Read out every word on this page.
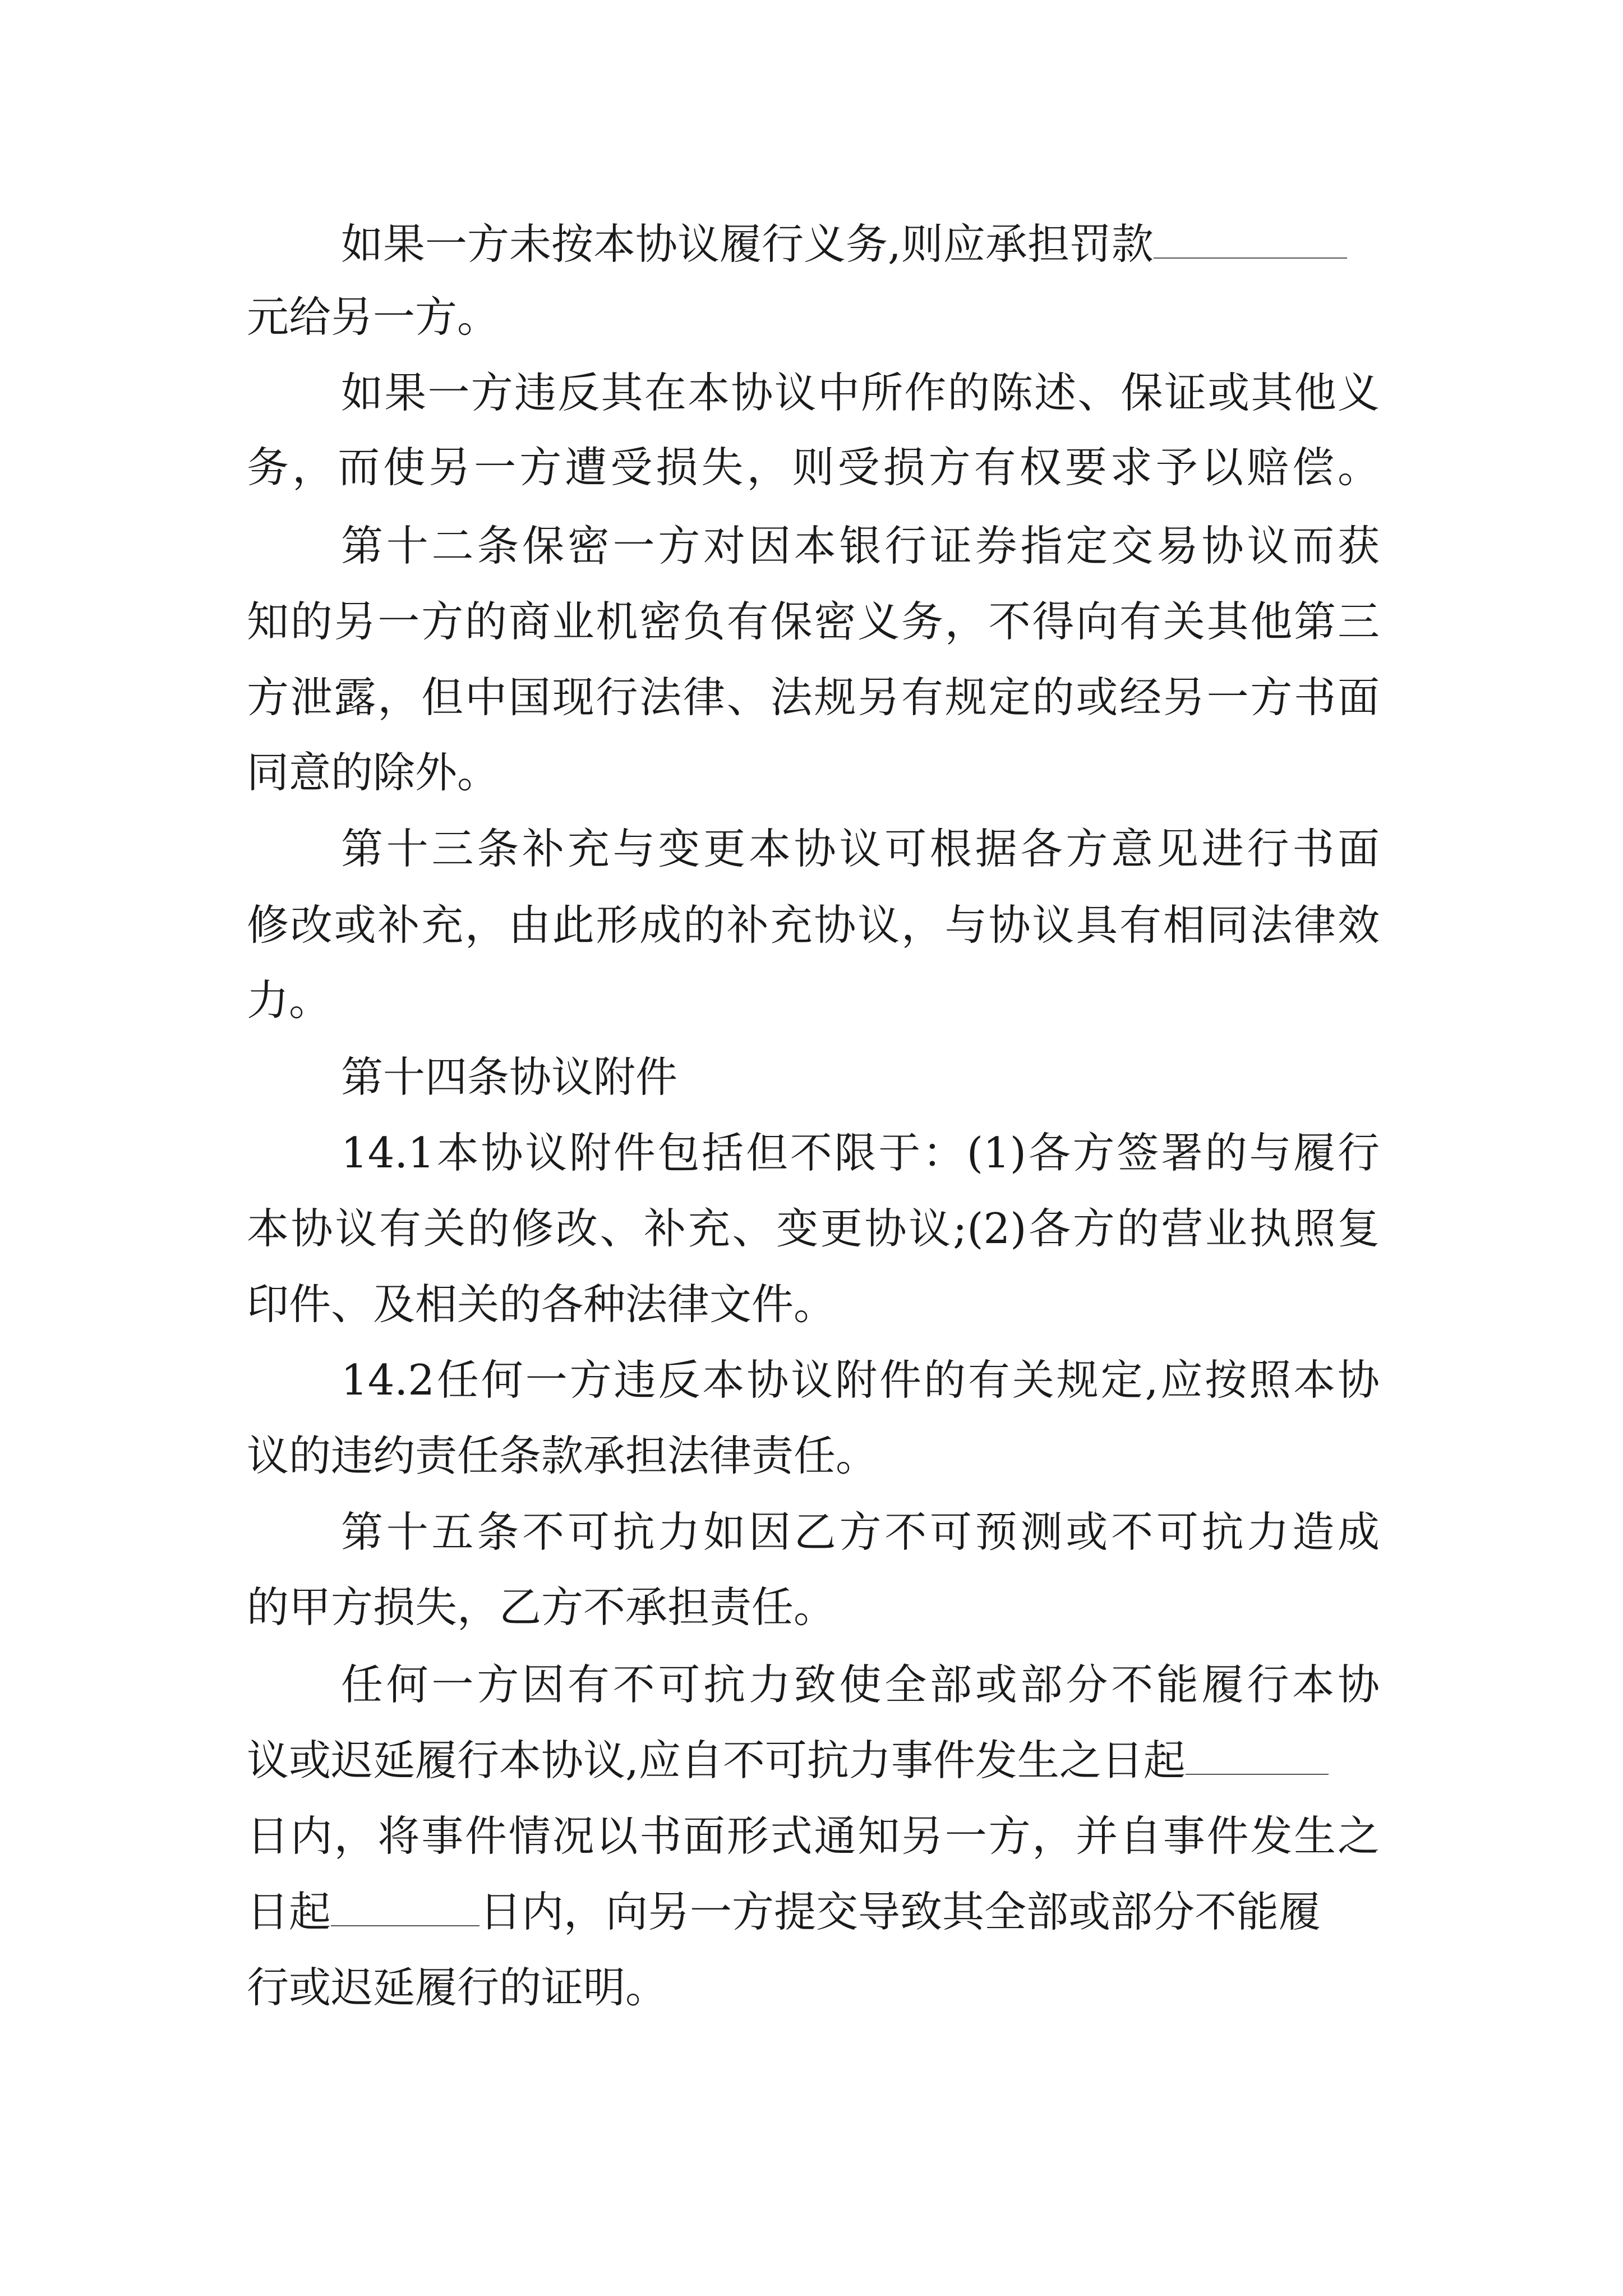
如果一方未按本协议履行义务,则应承担罚款
元给另一方。
如果一方违反其在本协议中所作的陈述、保证或其他义
务，而使另一方遭受损失，则受损方有权要求予以赔偿。
第十二条保密一方对因本银行证券指定交易协议而获
知的另一方的商业机密负有保密义务，不得向有关其他第三
方泄露，但中国现行法律、法规另有规定的或经另一方书面
同意的除外。
第十三条补充与变更本协议可根据各方意见进行书面
修改或补充，由此形成的补充协议，与协议具有相同法律效
力。
第十四条协议附件
14.1本协议附件包括但不限于：(1)各方签署的与履行
本协议有关的修改、补充、变更协议;(2)各方的营业执照复
印件、及相关的各种法律文件。
14.2任何一方违反本协议附件的有关规定,应按照本协
议的违约责任条款承担法律责任。
第十五条不可抗力如因乙方不可预测或不可抗力造成
的甲方损失，乙方不承担责任。
任何一方因有不可抗力致使全部或部分不能履行本协
议或迟延履行本协议,应自不可抗力事件发生之日起
日内，将事件情况以书面形式通知另一方，并自事件发生之
日起	日内，向另一方提交导致其全部或部分不能履
行或迟延履行的证明。
